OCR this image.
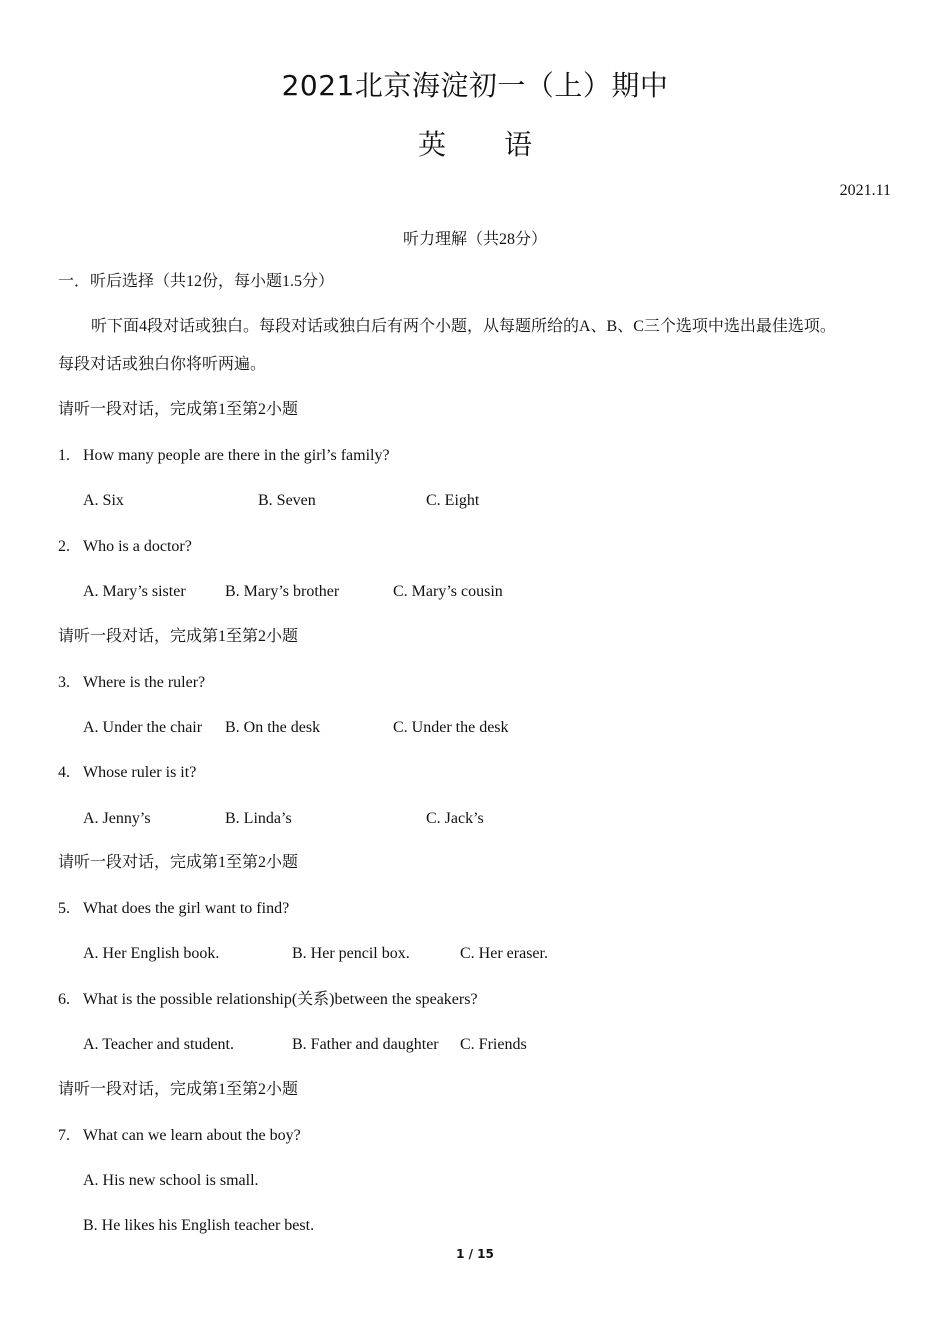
2021北京海淀初一（上）期中
英 语
2021.11
听力理解（共28分）
一．听后选择（共12份，每小题1.5分）
听下面4段对话或独白。每段对话或独白后有两个小题，从每题所给的A、B、C三个选项中选出最佳选项。
每段对话或独白你将听两遍。
请听一段对话，完成第1至第2小题
1. How many people are there in the girl’s family?
A. Six	B. Seven	C. Eight
2. Who is a doctor?
A. Mary’s sister B. Mary’s brother	C. Mary’s cousin
请听一段对话，完成第1至第2小题
3. Where is the ruler?
A. Under the chair B. On the desk	C. Under the desk
4. Whose ruler is it?
A. Jenny’s	B. Linda’s	C. Jack’s
请听一段对话，完成第1至第2小题
5. What does the girl want to find?
A. Her English book.	B. Her pencil box.	C. Her eraser.
6. What is the possible relationship(关系)between the speakers?
A. Teacher and student.	B. Father and daughter C. Friends
请听一段对话，完成第1至第2小题
7. What can we learn about the boy?
A. His new school is small.
B. He likes his English teacher best.
1 / 15
